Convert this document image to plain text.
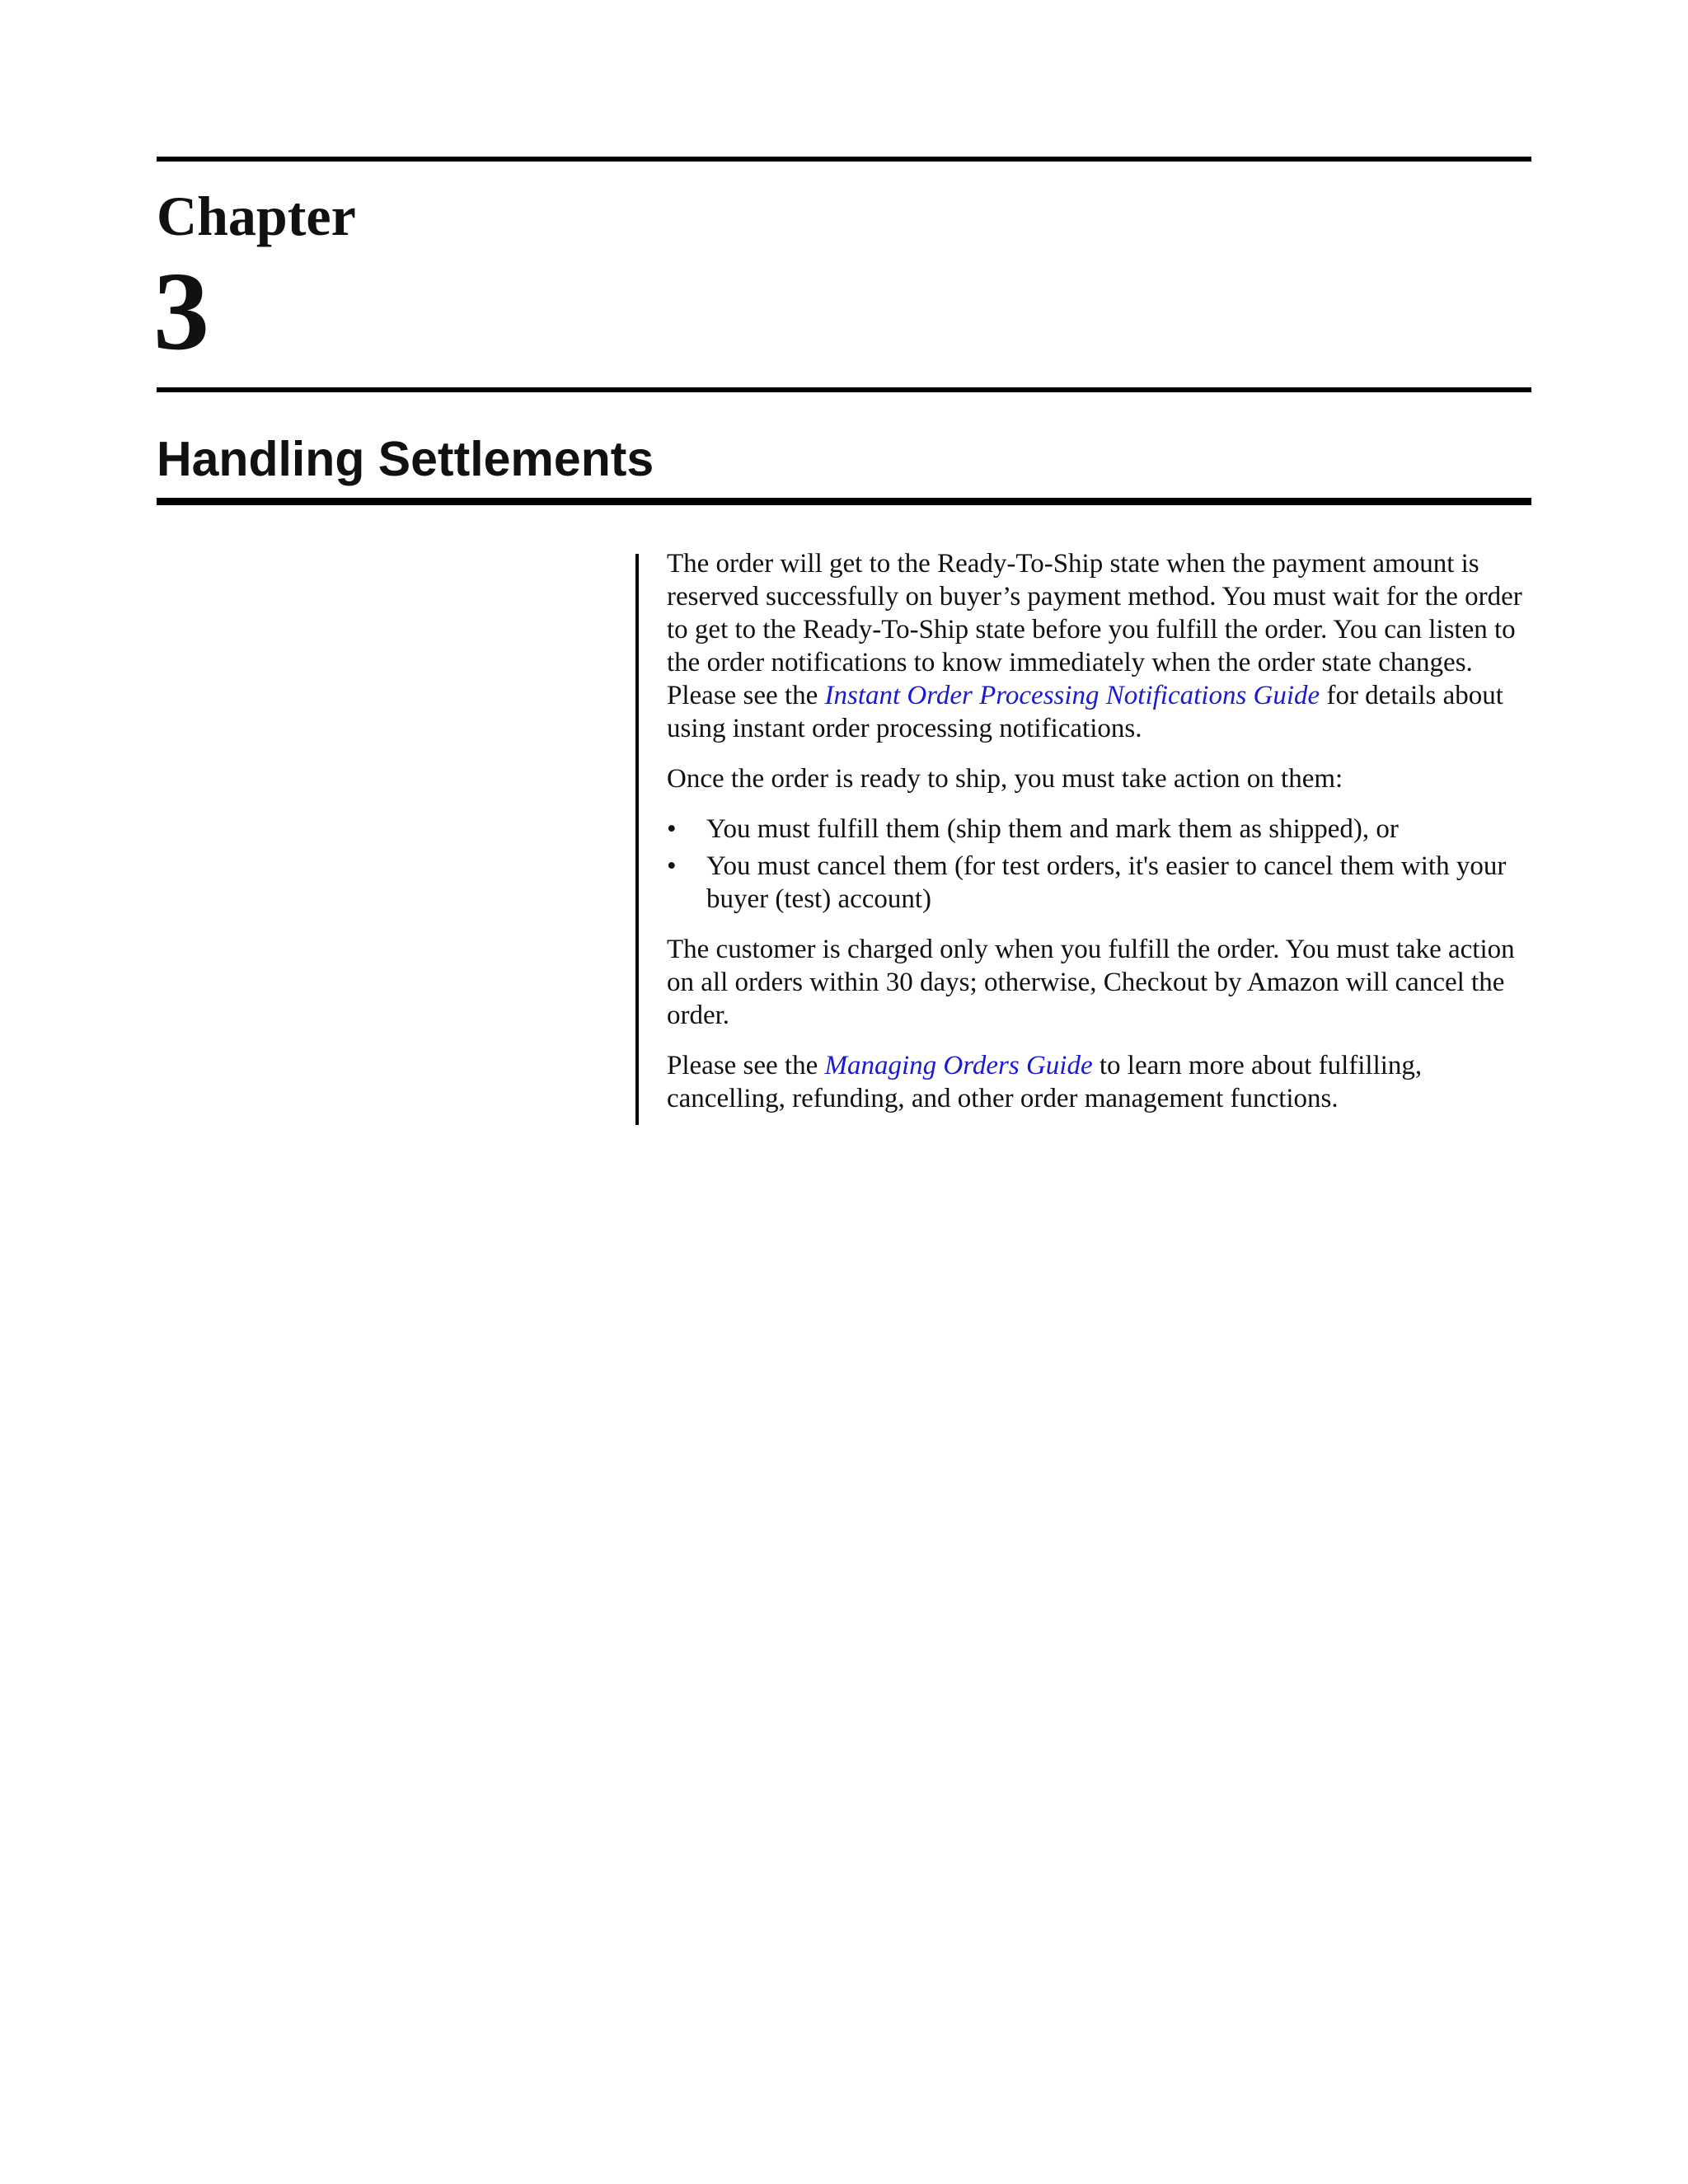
Chapter
3
Handling Settlements

The order will get to the Ready-To-Ship state when the payment amount is reserved successfully on buyer’s payment method. You must wait for the order to get to the Ready-To-Ship state before you fulfill the order. You can listen to the order notifications to know immediately when the order state changes. Please see the Instant Order Processing Notifications Guide for details about using instant order processing notifications.

Once the order is ready to ship, you must take action on them:

• You must fulfill them (ship them and mark them as shipped), or
• You must cancel them (for test orders, it's easier to cancel them with your buyer (test) account)

The customer is charged only when you fulfill the order. You must take action on all orders within 30 days; otherwise, Checkout by Amazon will cancel the order.

Please see the Managing Orders Guide to learn more about fulfilling, cancelling, refunding, and other order management functions.
